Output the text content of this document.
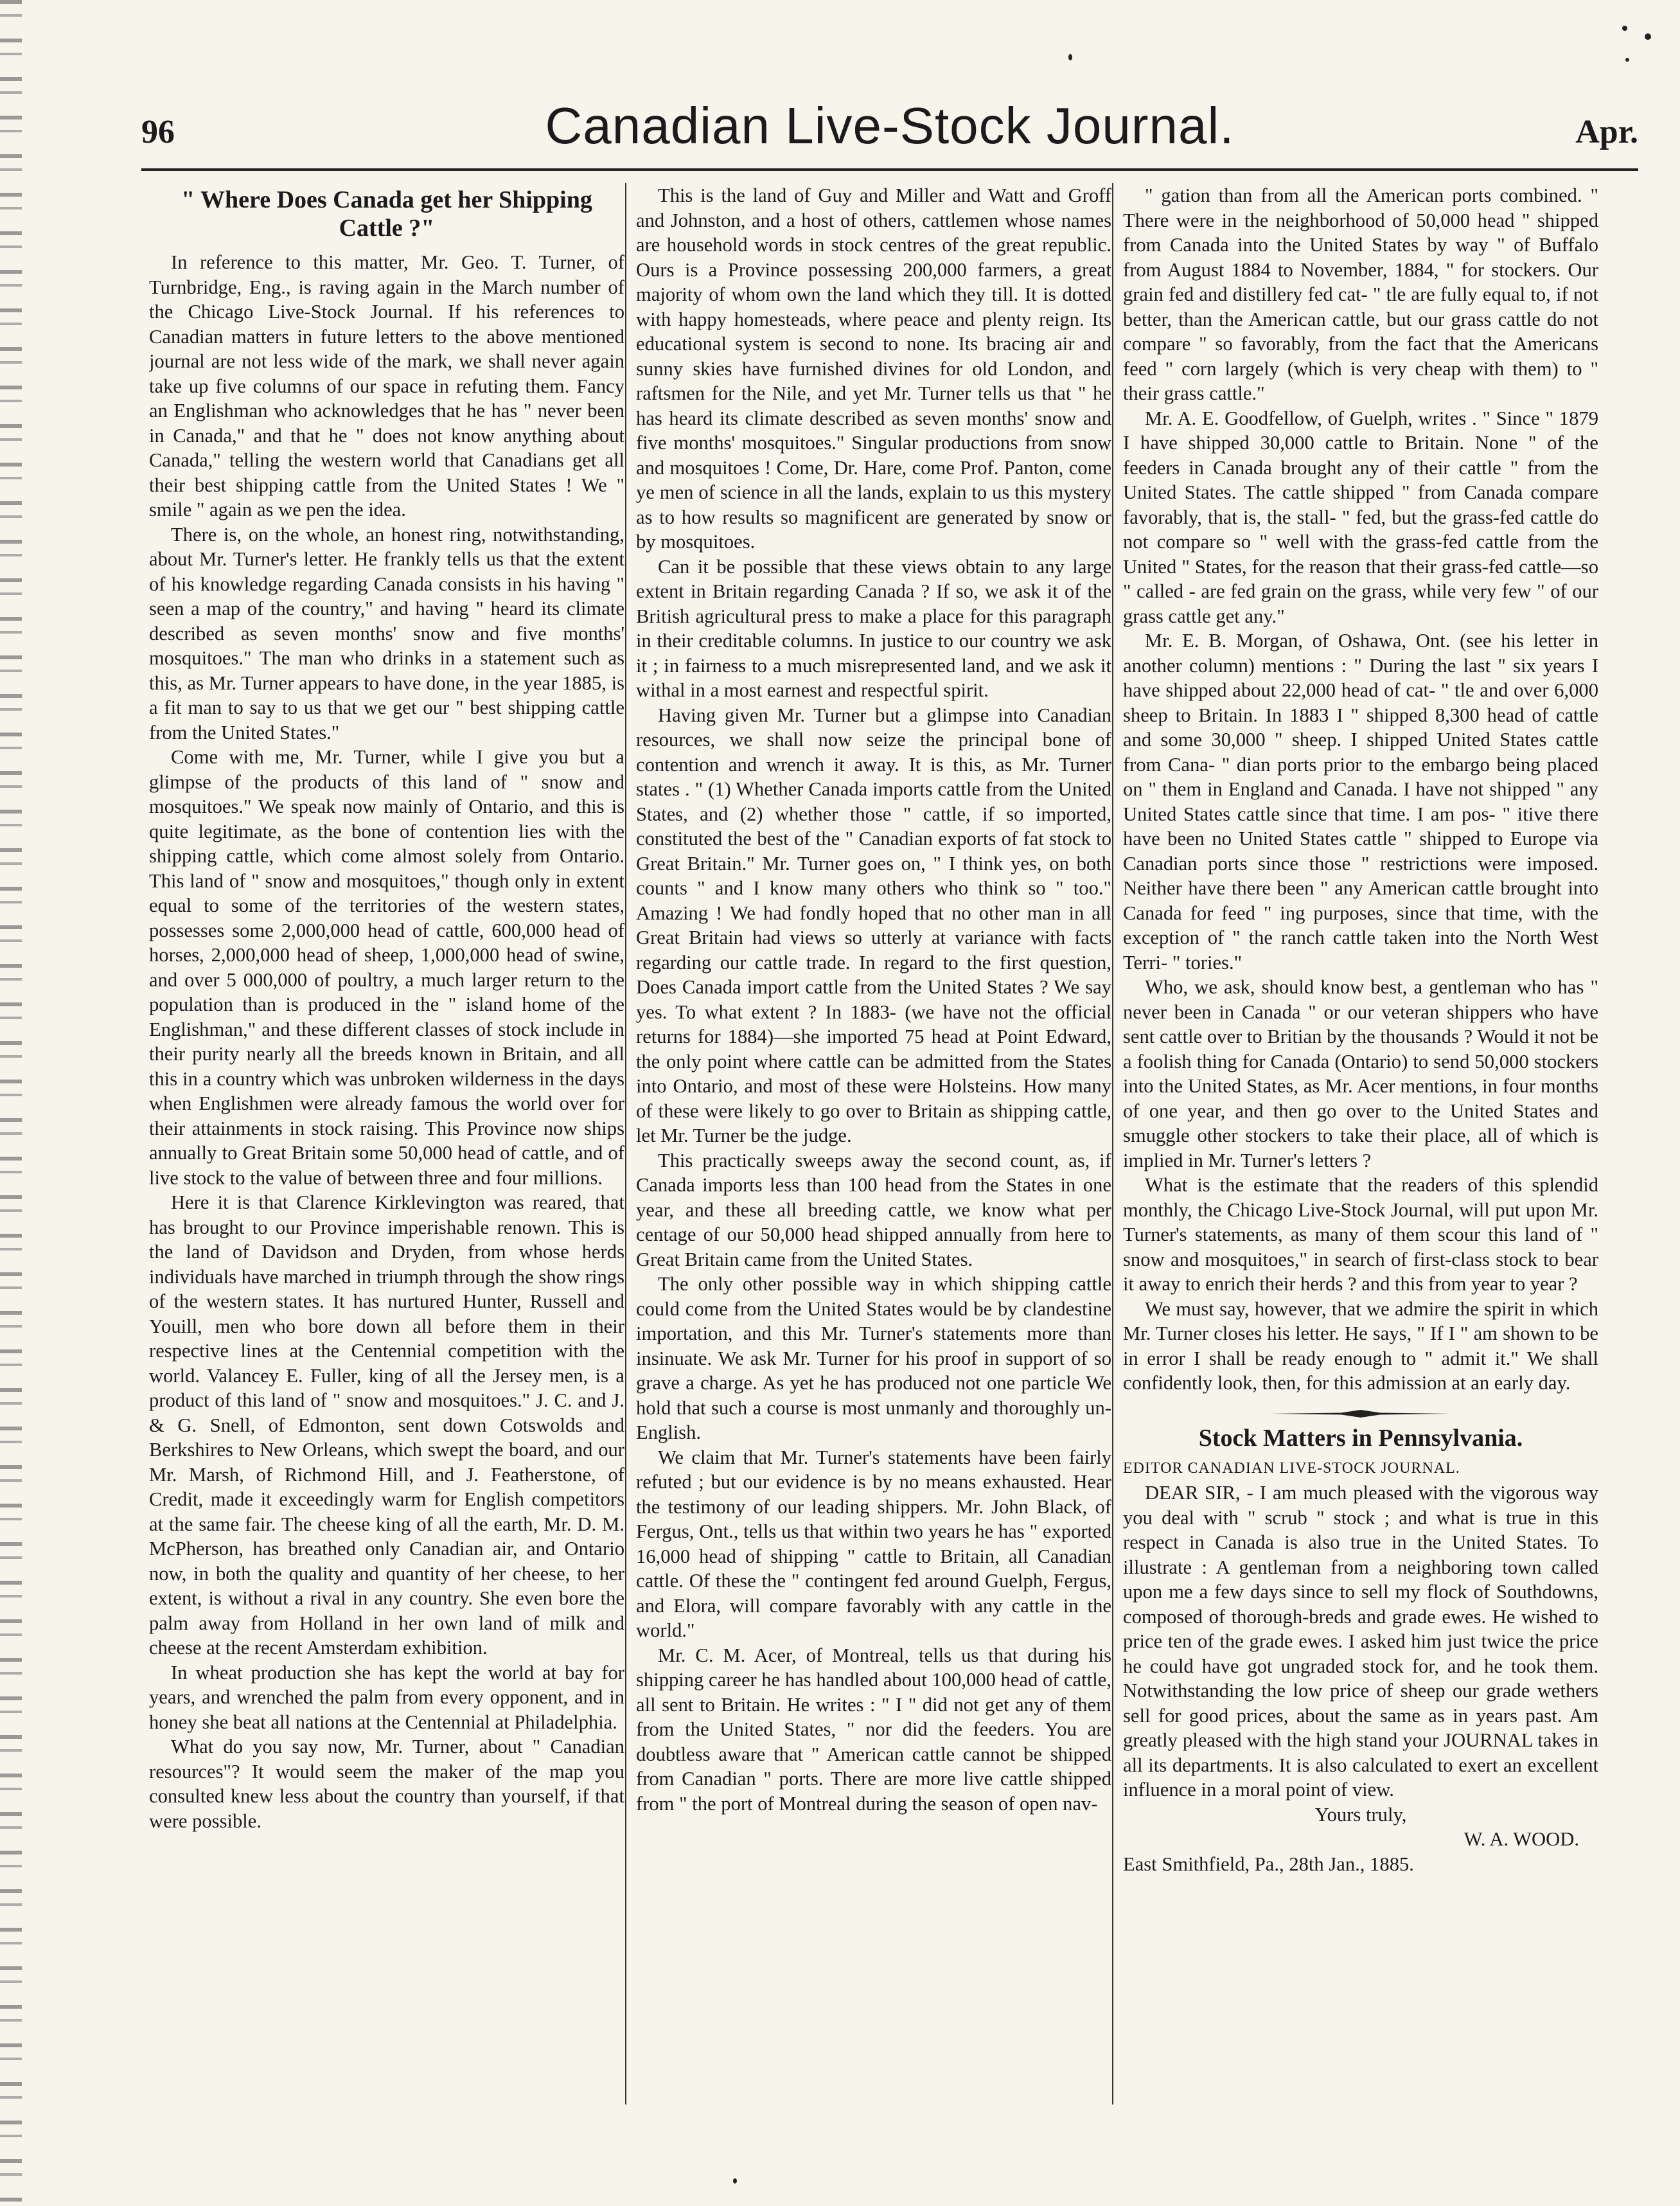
96	Canadian Live-Stock Journal.	Apr.
" Where Does Canada get her Shipping Cattle ?"

In reference to this matter, Mr. Geo. T. Turner, of Turnbridge, Eng., is raving again in the March number of the Chicago Live-Stock Journal. If his references to Canadian matters in future letters to the above mentioned journal are not less wide of the mark, we shall never again take up five columns of our space in refuting them. Fancy an Englishman who acknowledges that he has " never been in Canada," and that he " does not know anything about Canada," telling the western world that Canadians get all their best shipping cattle from the United States ! We " smile " again as we pen the idea.

There is, on the whole, an honest ring, notwithstanding, about Mr. Turner's letter. He frankly tells us that the extent of his knowledge regarding Canada consists in his having " seen a map of the country," and having " heard its climate described as seven months' snow and five months' mosquitoes." The man who drinks in a statement such as this, as Mr. Turner appears to have done, in the year 1885, is a fit man to say to us that we get our " best shipping cattle from the United States."

Come with me, Mr. Turner, while I give you but a glimpse of the products of this land of " snow and mosquitoes." We speak now mainly of Ontario, and this is quite legitimate, as the bone of contention lies with the shipping cattle, which come almost solely from Ontario. This land of " snow and mosquitoes," though only in extent equal to some of the territories of the western states, possesses some 2,000,000 head of cattle, 600,000 head of horses, 2,000,000 head of sheep, 1,000,000 head of swine, and over 5 000,000 of poultry, a much larger return to the population than is produced in the " island home of the Englishman," and these different classes of stock include in their purity nearly all the breeds known in Britain, and all this in a country which was unbroken wilderness in the days when Englishmen were already famous the world over for their attainments in stock raising. This Province now ships annually to Great Britain some 50,000 head of cattle, and of live stock to the value of between three and four millions.

Here it is that Clarence Kirklevington was reared, that has brought to our Province imperishable renown. This is the land of Davidson and Dryden, from whose herds individuals have marched in triumph through the show rings of the western states. It has nurtured Hunter, Russell and Youill, men who bore down all before them in their respective lines at the Centennial competition with the world. Valancey E. Fuller, king of all the Jersey men, is a product of this land of " snow and mosquitoes." J. C. and J. & G. Snell, of Edmonton, sent down Cotswolds and Berkshires to New Orleans, which swept the board, and our Mr. Marsh, of Richmond Hill, and J. Featherstone, of Credit, made it exceedingly warm for English competitors at the same fair. The cheese king of all the earth, Mr. D. M. McPherson, has breathed only Canadian air, and Ontario now, in both the quality and quantity of her cheese, to her extent, is without a rival in any country. She even bore the palm away from Holland in her own land of milk and cheese at the recent Amsterdam exhibition.

In wheat production she has kept the world at bay for years, and wrenched the palm from every opponent, and in honey she beat all nations at the Centennial at Philadelphia.

What do you say now, Mr. Turner, about " Canadian resources"? It would seem the maker of the map you consulted knew less about the country than yourself, if that were possible.

This is the land of Guy and Miller and Watt and Groff and Johnston, and a host of others, cattlemen whose names are household words in stock centres of the great republic. Ours is a Province possessing 200,000 farmers, a great majority of whom own the land which they till. It is dotted with happy homesteads, where peace and plenty reign. Its educational system is second to none. Its bracing air and sunny skies have furnished divines for old London, and raftsmen for the Nile, and yet Mr. Turner tells us that " he has heard its climate described as seven months' snow and five months' mosquitoes." Singular productions from snow and mosquitoes ! Come, Dr. Hare, come Prof. Panton, come ye men of science in all the lands, explain to us this mystery as to how results so magnificent are generated by snow or by mosquitoes.

Can it be possible that these views obtain to any large extent in Britain regarding Canada ? If so, we ask it of the British agricultural press to make a place for this paragraph in their creditable columns. In justice to our country we ask it ; in fairness to a much misrepresented land, and we ask it withal in a most earnest and respectful spirit.

Having given Mr. Turner but a glimpse into Canadian resources, we shall now seize the principal bone of contention and wrench it away. It is this, as Mr. Turner states . " (1) Whether Canada imports cattle from the United States, and (2) whether those " cattle, if so imported, constituted the best of the " Canadian exports of fat stock to Great Britain." Mr. Turner goes on, " I think yes, on both counts " and I know many others who think so " too." Amazing ! We had fondly hoped that no other man in all Great Britain had views so utterly at variance with facts regarding our cattle trade. In regard to the first question, Does Canada import cattle from the United States ? We say yes. To what extent ? In 1883- (we have not the official returns for 1884)—she imported 75 head at Point Edward, the only point where cattle can be admitted from the States into Ontario, and most of these were Holsteins. How many of these were likely to go over to Britain as shipping cattle, let Mr. Turner be the judge.

This practically sweeps away the second count, as, if Canada imports less than 100 head from the States in one year, and these all breeding cattle, we know what per centage of our 50,000 head shipped annually from here to Great Britain came from the United States.

The only other possible way in which shipping cattle could come from the United States would be by clandestine importation, and this Mr. Turner's statements more than insinuate. We ask Mr. Turner for his proof in support of so grave a charge. As yet he has produced not one particle We hold that such a course is most unmanly and thoroughly un-English.

We claim that Mr. Turner's statements have been fairly refuted ; but our evidence is by no means exhausted. Hear the testimony of our leading shippers. Mr. John Black, of Fergus, Ont., tells us that within two years he has " exported 16,000 head of shipping " cattle to Britain, all Canadian cattle. Of these the " contingent fed around Guelph, Fergus, and Elora, will compare favorably with any cattle in the world."

Mr. C. M. Acer, of Montreal, tells us that during his shipping career he has handled about 100,000 head of cattle, all sent to Britain. He writes : " I " did not get any of them from the United States, " nor did the feeders. You are doubtless aware that " American cattle cannot be shipped from Canadian " ports. There are more live cattle shipped from " the port of Montreal during the season of open nav-

" gation than from all the American ports combined. " There were in the neighborhood of 50,000 head " shipped from Canada into the United States by way " of Buffalo from August 1884 to November, 1884, " for stockers. Our grain fed and distillery fed cat- " tle are fully equal to, if not better, than the American cattle, but our grass cattle do not compare " so favorably, from the fact that the Americans feed " corn largely (which is very cheap with them) to " their grass cattle."

Mr. A. E. Goodfellow, of Guelph, writes . " Since " 1879 I have shipped 30,000 cattle to Britain. None " of the feeders in Canada brought any of their cattle " from the United States. The cattle shipped " from Canada compare favorably, that is, the stall- " fed, but the grass-fed cattle do not compare so " well with the grass-fed cattle from the United " States, for the reason that their grass-fed cattle—so " called - are fed grain on the grass, while very few " of our grass cattle get any."

Mr. E. B. Morgan, of Oshawa, Ont. (see his letter in another column) mentions : " During the last " six years I have shipped about 22,000 head of cat- " tle and over 6,000 sheep to Britain. In 1883 I " shipped 8,300 head of cattle and some 30,000 " sheep. I shipped United States cattle from Cana- " dian ports prior to the embargo being placed on " them in England and Canada. I have not shipped " any United States cattle since that time. I am pos- " itive there have been no United States cattle " shipped to Europe via Canadian ports since those " restrictions were imposed. Neither have there been " any American cattle brought into Canada for feed " ing purposes, since that time, with the exception of " the ranch cattle taken into the North West Terri- " tories."

Who, we ask, should know best, a gentleman who has " never been in Canada " or our veteran shippers who have sent cattle over to Britian by the thousands ? Would it not be a foolish thing for Canada (Ontario) to send 50,000 stockers into the United States, as Mr. Acer mentions, in four months of one year, and then go over to the United States and smuggle other stockers to take their place, all of which is implied in Mr. Turner's letters ?

What is the estimate that the readers of this splendid monthly, the Chicago Live-Stock Journal, will put upon Mr. Turner's statements, as many of them scour this land of " snow and mosquitoes," in search of first-class stock to bear it away to enrich their herds ? and this from year to year ?

We must say, however, that we admire the spirit in which Mr. Turner closes his letter. He says, " If I " am shown to be in error I shall be ready enough to " admit it." We shall confidently look, then, for this admission at an early day.

Stock Matters in Pennsylvania.

EDITOR CANADIAN LIVE-STOCK JOURNAL.

DEAR SIR, - I am much pleased with the vigorous way you deal with " scrub " stock ; and what is true in this respect in Canada is also true in the United States. To illustrate : A gentleman from a neighboring town called upon me a few days since to sell my flock of Southdowns, composed of thorough-breds and grade ewes. He wished to price ten of the grade ewes. I asked him just twice the price he could have got ungraded stock for, and he took them. Notwithstanding the low price of sheep our grade wethers sell for good prices, about the same as in years past. Am greatly pleased with the high stand your JOURNAL takes in all its departments. It is also calculated to exert an excellent influence in a moral point of view.

Yours truly,

W. A. WOOD.

East Smithfield, Pa., 28th Jan., 1885.
